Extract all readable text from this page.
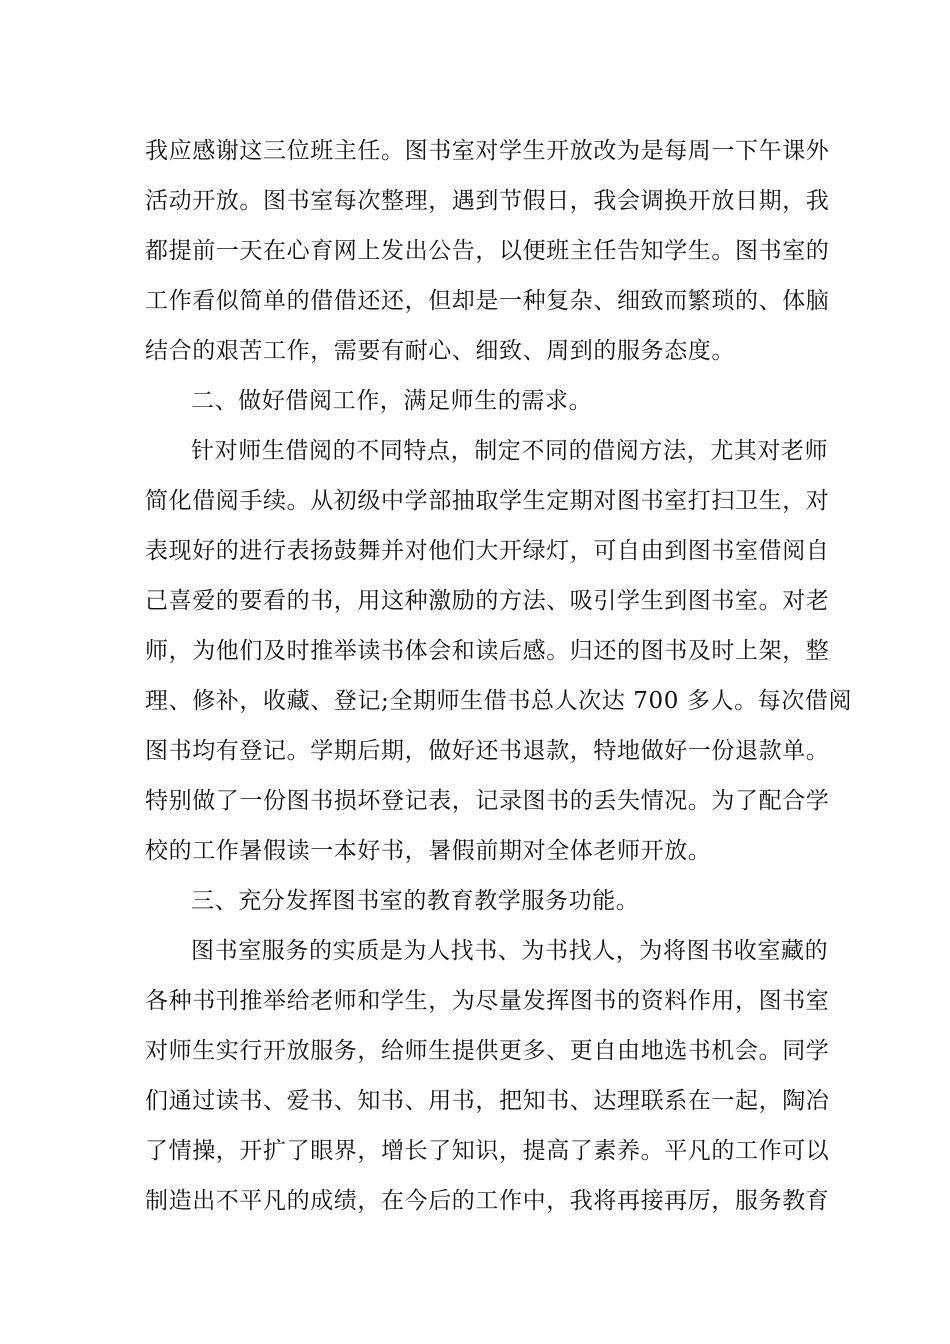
我应感谢这三位班主任。图书室对学生开放改为是每周一下午课外
活动开放。图书室每次整理，遇到节假日，我会调换开放日期，我
都提前一天在心育网上发出公告，以便班主任告知学生。图书室的
工作看似简单的借借还还，但却是一种复杂、细致而繁琐的、体脑
结合的艰苦工作，需要有耐心、细致、周到的服务态度。
二、做好借阅工作，满足师生的需求。
针对师生借阅的不同特点，制定不同的借阅方法，尤其对老师
简化借阅手续。从初级中学部抽取学生定期对图书室打扫卫生，对
表现好的进行表扬鼓舞并对他们大开绿灯，可自由到图书室借阅自
己喜爱的要看的书，用这种激励的方法、吸引学生到图书室。对老
师，为他们及时推举读书体会和读后感。归还的图书及时上架，整
理、修补，收藏、登记;全期师生借书总人次达 700 多人。每次借阅
图书均有登记。学期后期，做好还书退款，特地做好一份退款单。
特别做了一份图书损坏登记表，记录图书的丢失情况。为了配合学
校的工作暑假读一本好书，暑假前期对全体老师开放。
三、充分发挥图书室的教育教学服务功能。
图书室服务的实质是为人找书、为书找人，为将图书收室藏的
各种书刊推举给老师和学生，为尽量发挥图书的资料作用，图书室
对师生实行开放服务，给师生提供更多、更自由地选书机会。同学
们通过读书、爱书、知书、用书，把知书、达理联系在一起，陶冶
了情操，开扩了眼界，增长了知识，提高了素养。平凡的工作可以
制造出不平凡的成绩，在今后的工作中，我将再接再厉，服务教育
